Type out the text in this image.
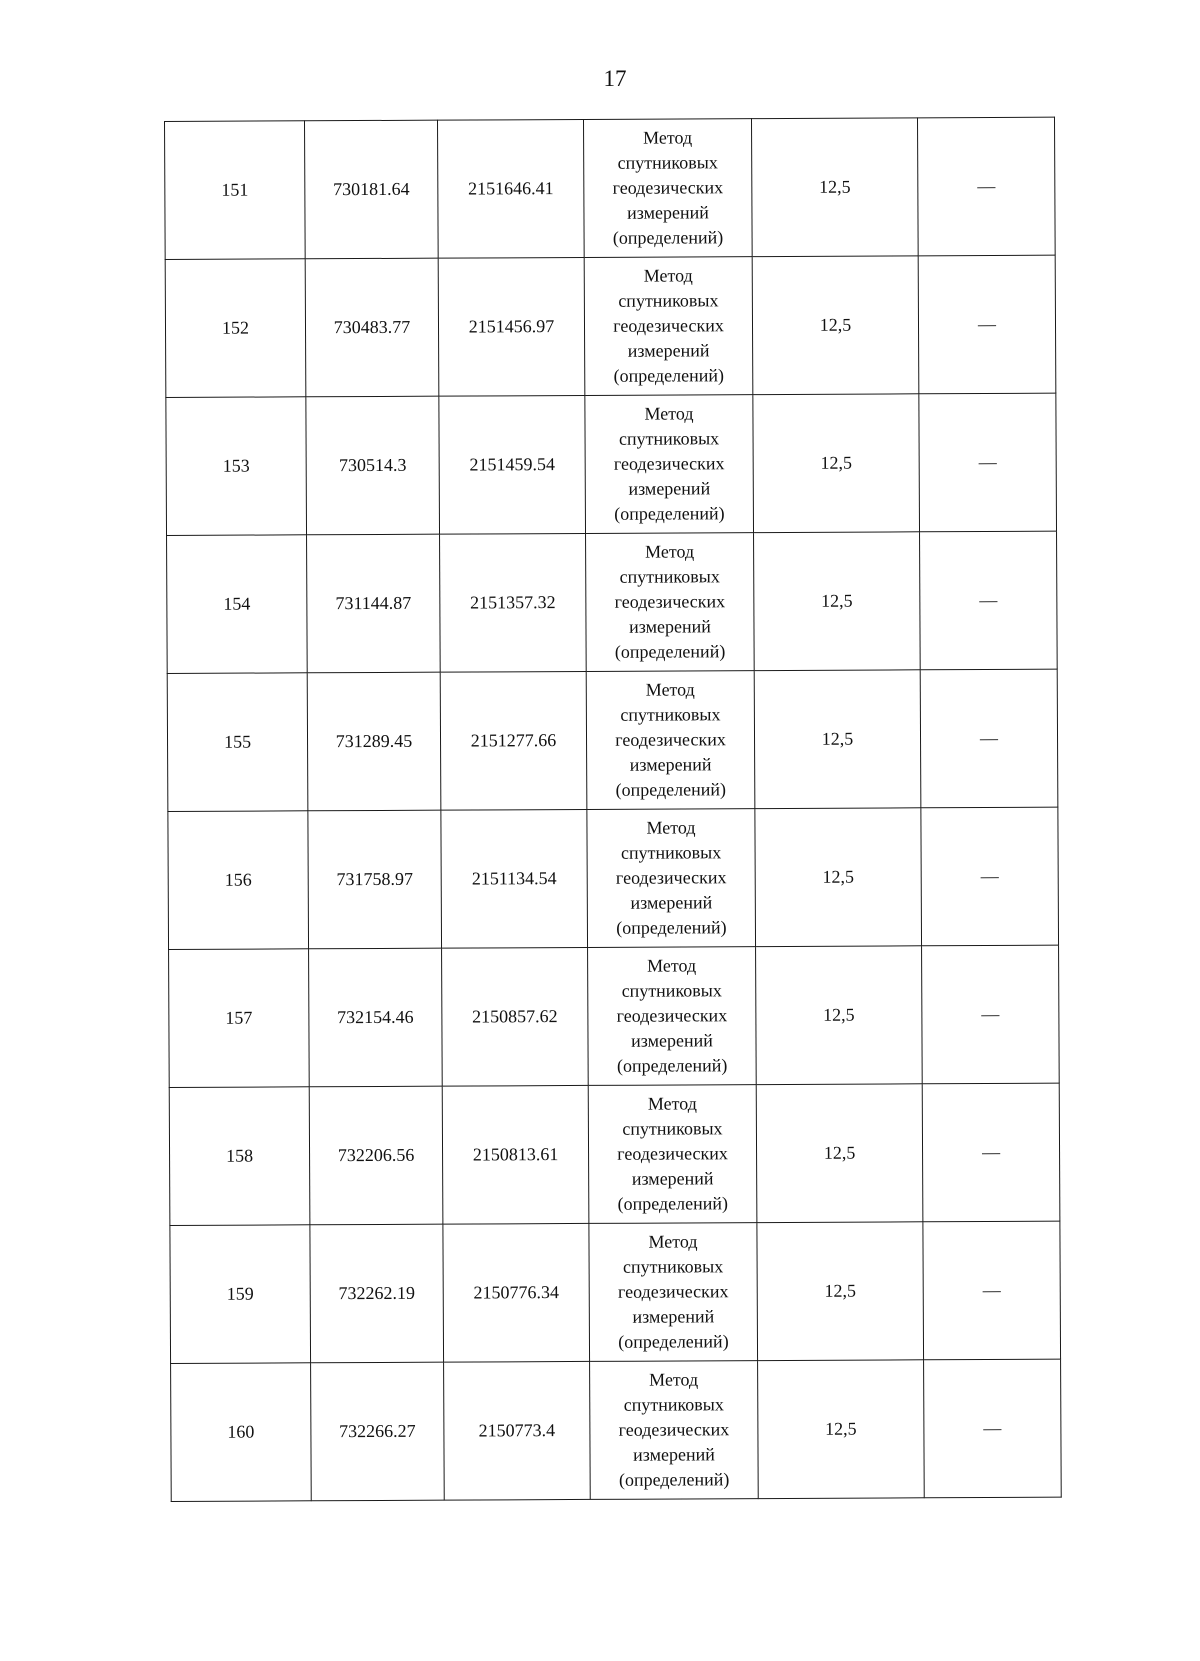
17
151	730181.64	2151646.41	Метод
спутниковых
геодезических
измерений
(определений)	12,5	—
152	730483.77	2151456.97	Метод
спутниковых
геодезических
измерений
(определений)	12,5	—
153	730514.3	2151459.54	Метод
спутниковых
геодезических
измерений
(определений)	12,5	—
154	731144.87	2151357.32	Метод
спутниковых
геодезических
измерений
(определений)	12,5	—
155	731289.45	2151277.66	Метод
спутниковых
геодезических
измерений
(определений)	12,5	—
156	731758.97	2151134.54	Метод
спутниковых
геодезических
измерений
(определений)	12,5	—
157	732154.46	2150857.62	Метод
спутниковых
геодезических
измерений
(определений)	12,5	—
158	732206.56	2150813.61	Метод
спутниковых
геодезических
измерений
(определений)	12,5	—
159	732262.19	2150776.34	Метод
спутниковых
геодезических
измерений
(определений)	12,5	—
160	732266.27	2150773.4	Метод
спутниковых
геодезических
измерений
(определений)	12,5	—
